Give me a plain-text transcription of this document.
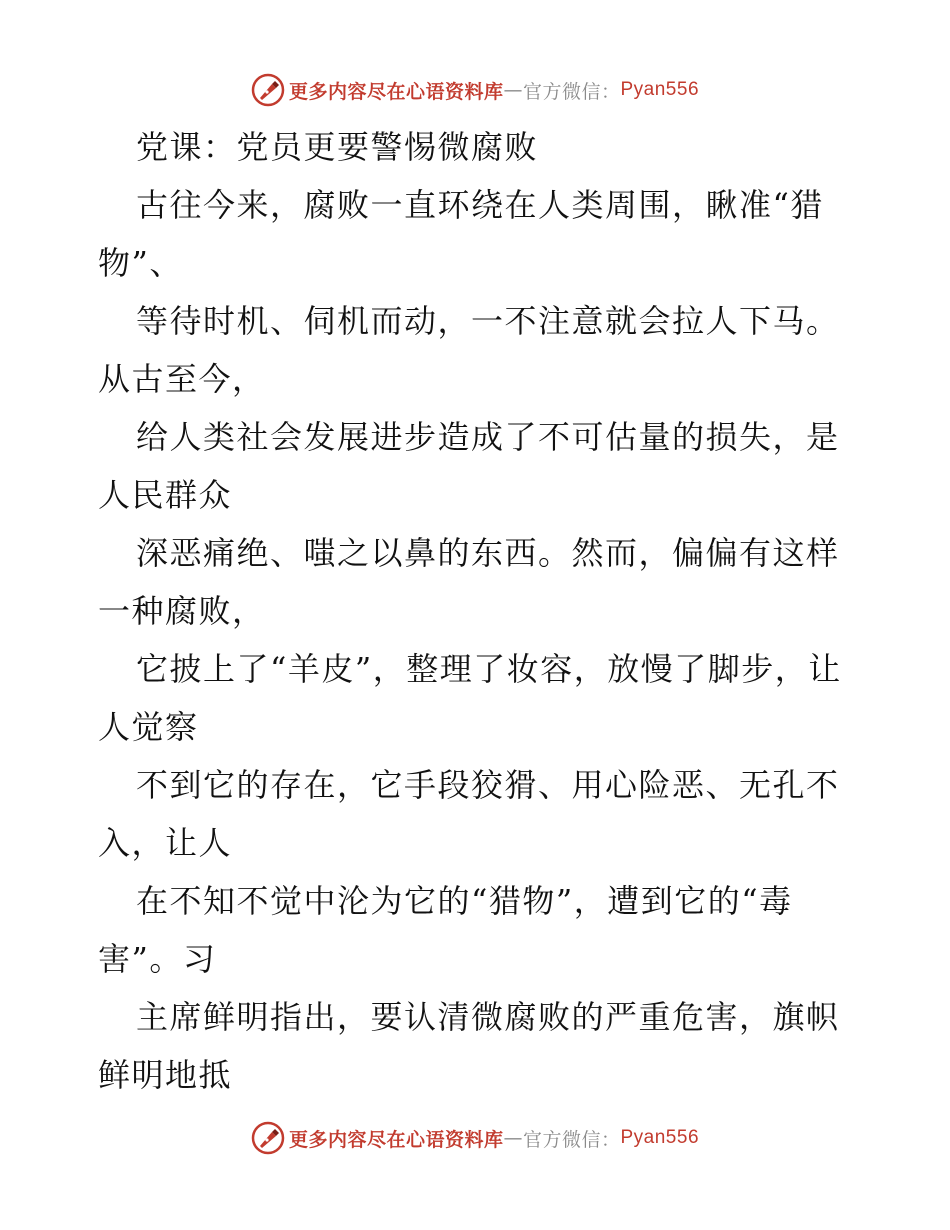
更多内容尽在心语资料库 — 官方微信： Pyan556

党课：党员更要警惕微腐败

古往今来，腐败一直环绕在人类周围，瞅准“猎物”、

等待时机、伺机而动，一不注意就会拉人下马。从古至今，

给人类社会发展进步造成了不可估量的损失，是人民群众

深恶痛绝、嗤之以鼻的东西。然而，偏偏有这样一种腐败，

它披上了“羊皮”，整理了妆容，放慢了脚步，让人觉察

不到它的存在，它手段狡猾、用心险恶、无孔不入，让人

在不知不觉中沦为它的“猎物”，遭到它的“毒害”。习

主席鲜明指出，要认清微腐败的严重危害，旗帜鲜明地抵

更多内容尽在心语资料库 — 官方微信： Pyan556
